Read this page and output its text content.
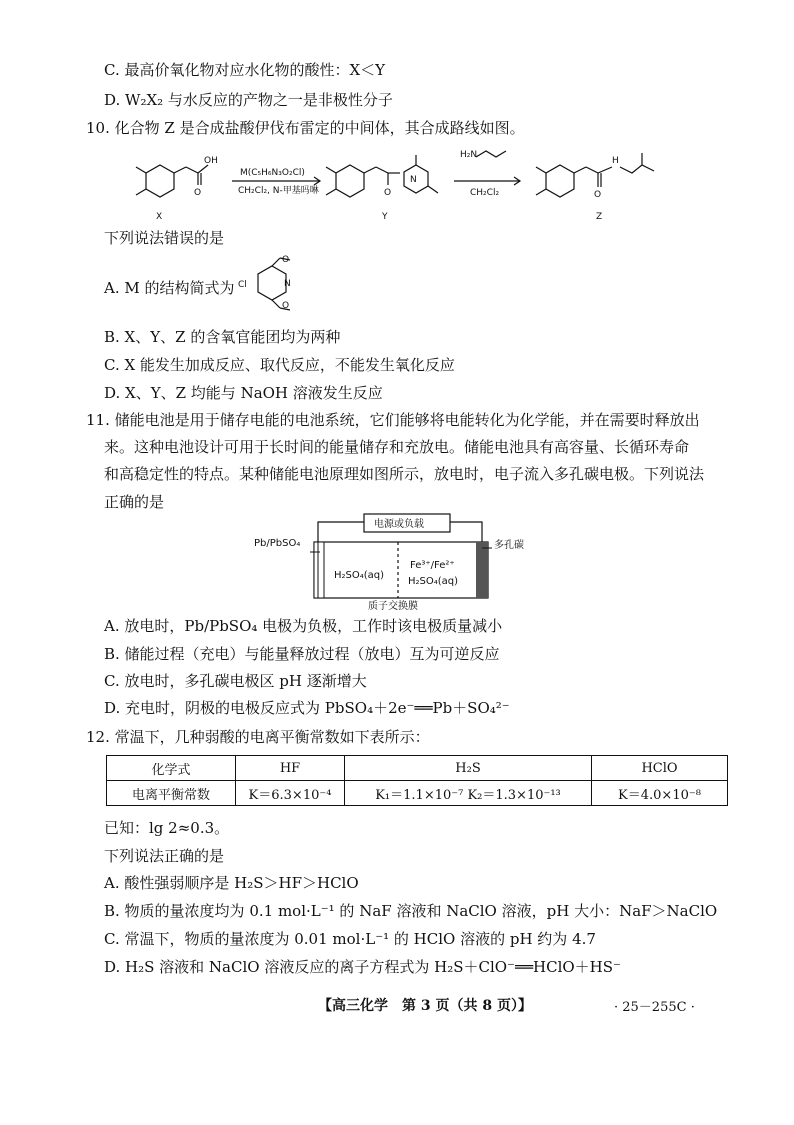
C. 最高价氧化物对应水化物的酸性：X＜Y
D. W₂X₂ 与水反应的产物之一是非极性分子
10. 化合物 Z 是合成盐酸伊伐布雷定的中间体，其合成路线如图。
OH
O
M(C₅H₆N₃O₂Cl)
CH₂Cl₂, N-甲基吗啉	O
N
H₂N
CH₂Cl₂	O
H
X	Y	Z
下列说法错误的是
A. M 的结构简式为 Cl	N
O
O
B. X、Y、Z 的含氧官能团均为两种
C. X 能发生加成反应、取代反应，不能发生氧化反应
D. X、Y、Z 均能与 NaOH 溶液发生反应
11. 储能电池是用于储存电能的电池系统，它们能够将电能转化为化学能，并在需要时释放出
来。这种电池设计可用于长时间的能量储存和充放电。储能电池具有高容量、长循环寿命
和高稳定性的特点。某种储能电池原理如图所示，放电时，电子流入多孔碳电极。下列说法
正确的是
电源或负载
Pb/PbSO₄	多孔碳
H₂SO₄(aq)
Fe³⁺/Fe²⁺
H₂SO₄(aq)
质子交换膜
A. 放电时，Pb/PbSO₄ 电极为负极，工作时该电极质量减小
B. 储能过程（充电）与能量释放过程（放电）互为可逆反应
C. 放电时，多孔碳电极区 pH 逐渐增大
D. 充电时，阴极的电极反应式为 PbSO₄＋2e⁻══Pb＋SO₄²⁻
12. 常温下，几种弱酸的电离平衡常数如下表所示：
化学式	HF	H₂S	HClO
电离平衡常数	K＝6.3×10⁻⁴	K₁＝1.1×10⁻⁷ K₂＝1.3×10⁻¹³	K＝4.0×10⁻⁸
已知：lg 2≈0.3。
下列说法正确的是
A. 酸性强弱顺序是 H₂S＞HF＞HClO
B. 物质的量浓度均为 0.1 mol·L⁻¹ 的 NaF 溶液和 NaClO 溶液，pH 大小：NaF＞NaClO
C. 常温下，物质的量浓度为 0.01 mol·L⁻¹ 的 HClO 溶液的 pH 约为 4.7
D. H₂S 溶液和 NaClO 溶液反应的离子方程式为 H₂S＋ClO⁻══HClO＋HS⁻
【高三化学　第 3 页（共 8 页）】	· 25－255C ·
